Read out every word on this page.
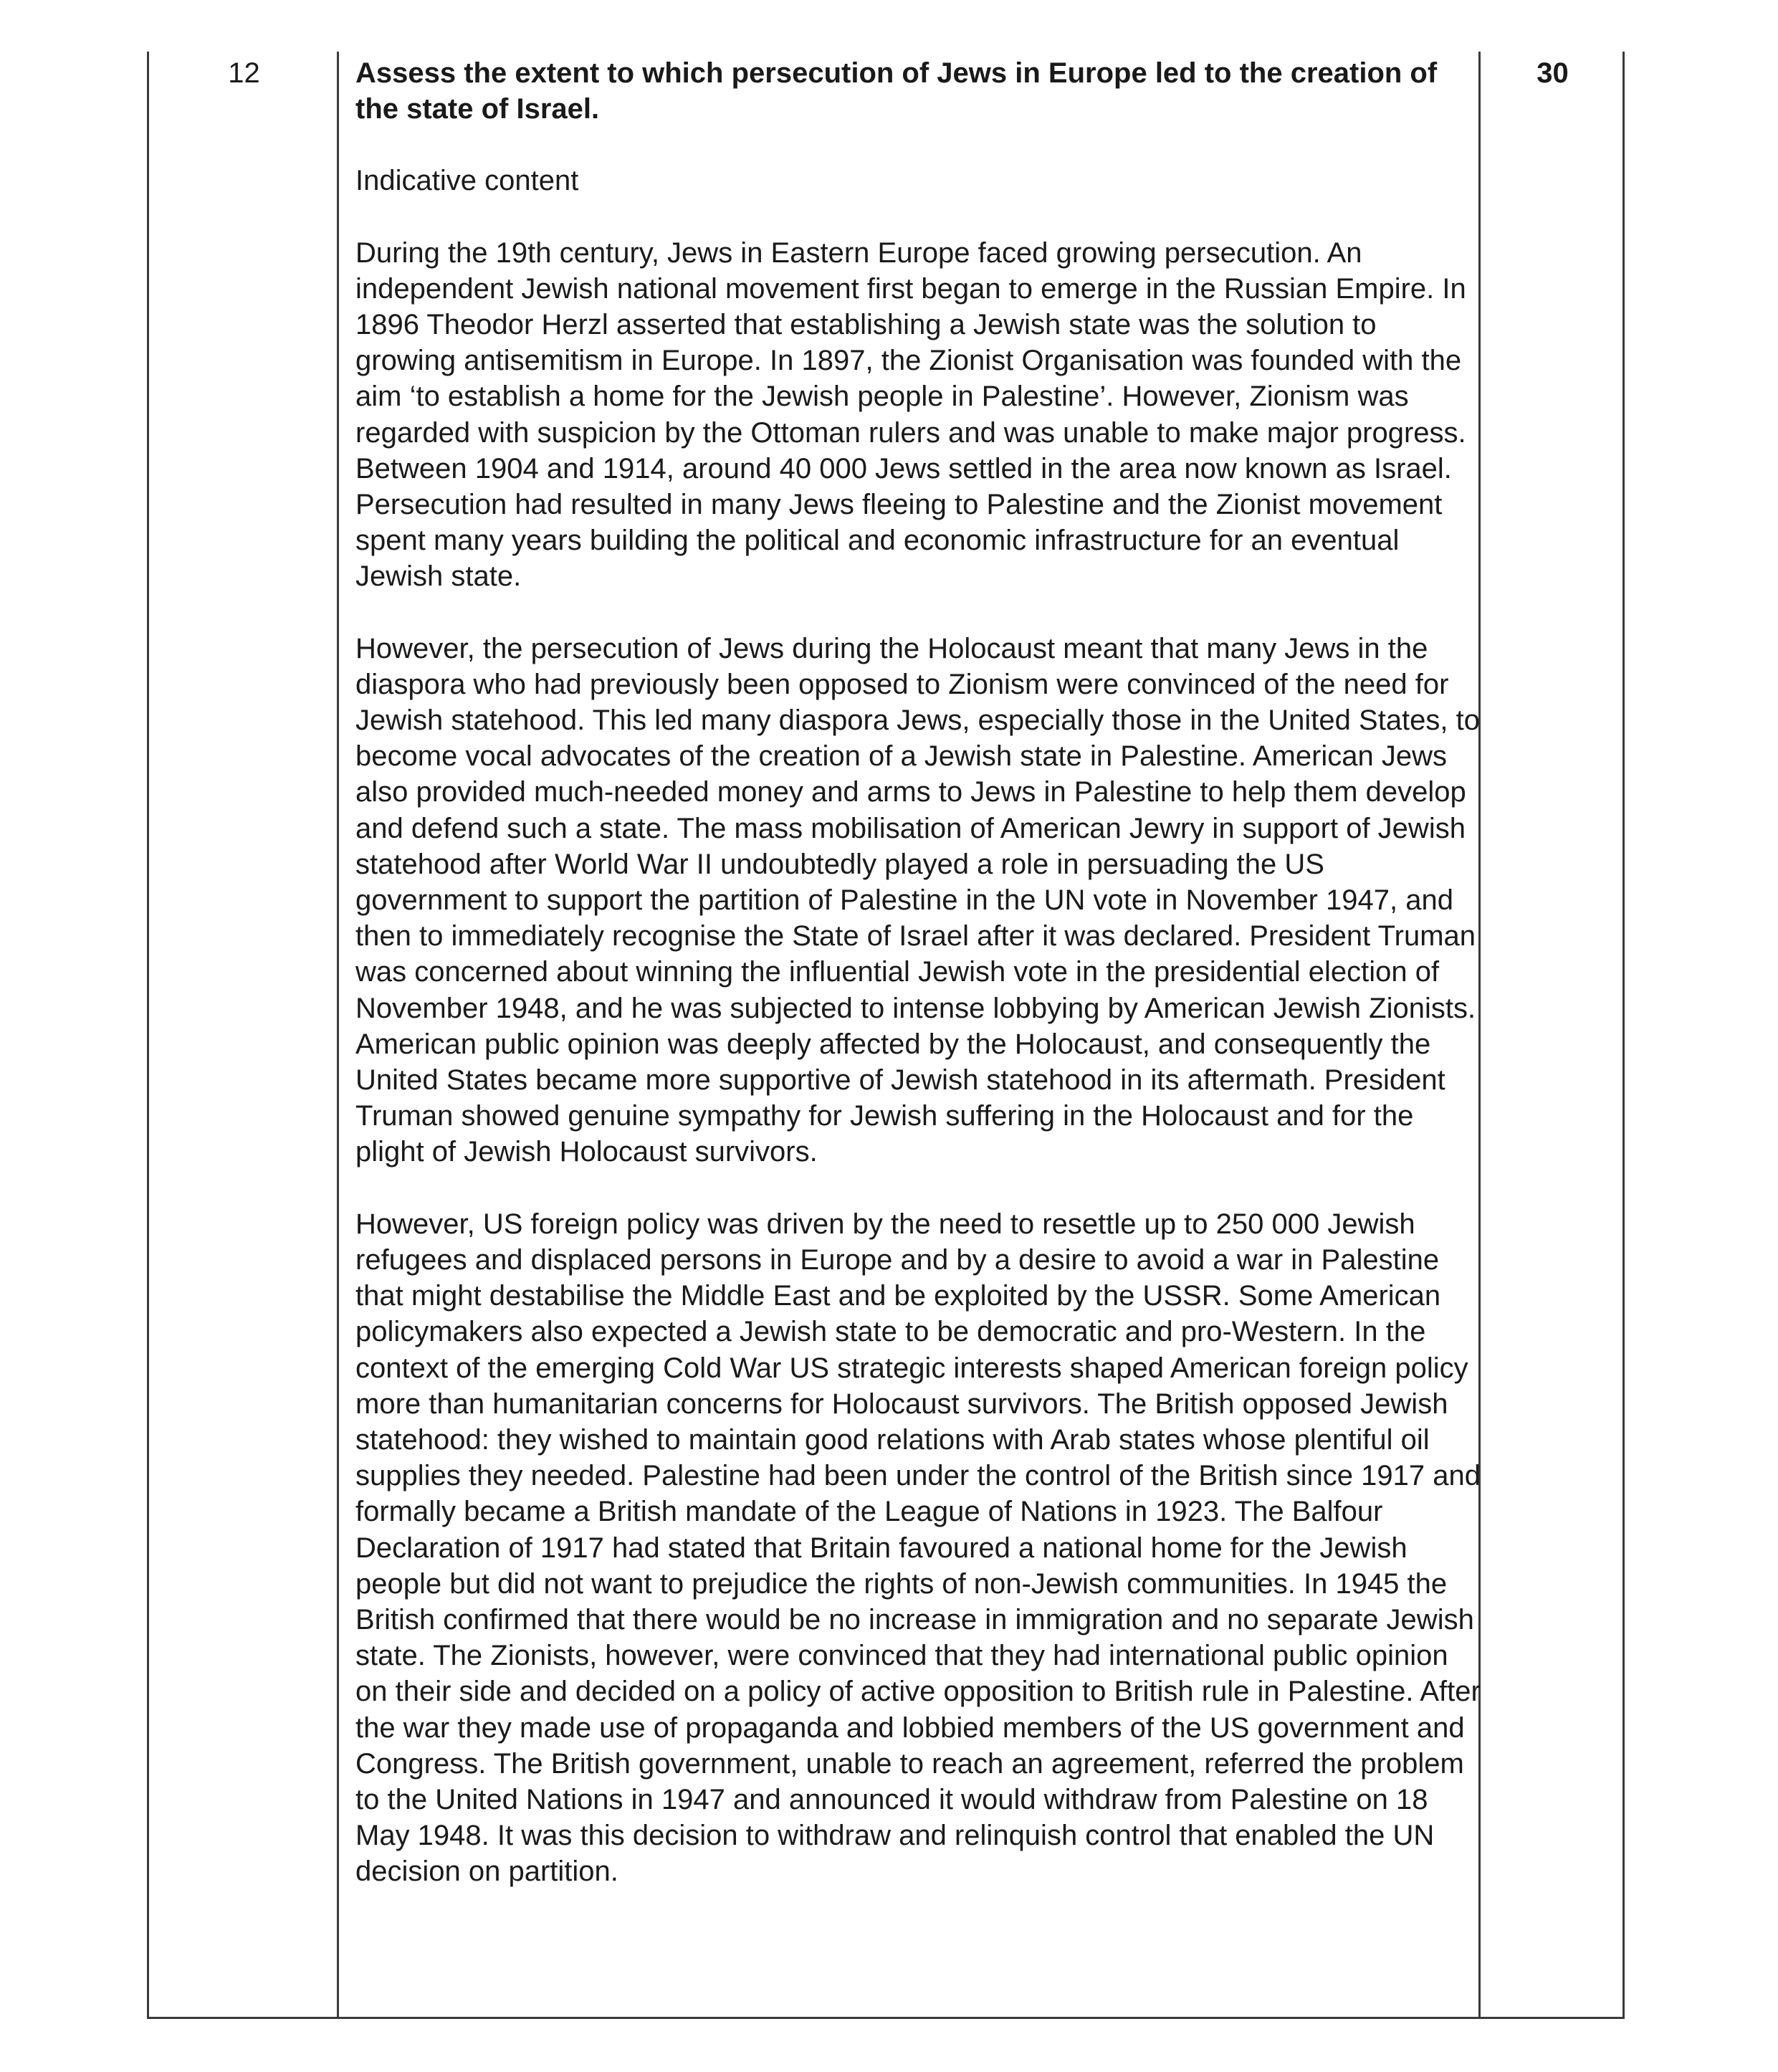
12	Assess the extent to which persecution of Jews in Europe led to the creation of the state of Israel.

Indicative content

During the 19th century, Jews in Eastern Europe faced growing persecution. An independent Jewish national movement first began to emerge in the Russian Empire. In 1896 Theodor Herzl asserted that establishing a Jewish state was the solution to growing antisemitism in Europe. In 1897, the Zionist Organisation was founded with the aim ‘to establish a home for the Jewish people in Palestine’. However, Zionism was regarded with suspicion by the Ottoman rulers and was unable to make major progress. Between 1904 and 1914, around 40 000 Jews settled in the area now known as Israel. Persecution had resulted in many Jews fleeing to Palestine and the Zionist movement spent many years building the political and economic infrastructure for an eventual Jewish state.

However, the persecution of Jews during the Holocaust meant that many Jews in the diaspora who had previously been opposed to Zionism were convinced of the need for Jewish statehood. This led many diaspora Jews, especially those in the United States, to become vocal advocates of the creation of a Jewish state in Palestine. American Jews also provided much-needed money and arms to Jews in Palestine to help them develop and defend such a state. The mass mobilisation of American Jewry in support of Jewish statehood after World War II undoubtedly played a role in persuading the US government to support the partition of Palestine in the UN vote in November 1947, and then to immediately recognise the State of Israel after it was declared. President Truman was concerned about winning the influential Jewish vote in the presidential election of November 1948, and he was subjected to intense lobbying by American Jewish Zionists. American public opinion was deeply affected by the Holocaust, and consequently the United States became more supportive of Jewish statehood in its aftermath. President Truman showed genuine sympathy for Jewish suffering in the Holocaust and for the plight of Jewish Holocaust survivors.

However, US foreign policy was driven by the need to resettle up to 250 000 Jewish refugees and displaced persons in Europe and by a desire to avoid a war in Palestine that might destabilise the Middle East and be exploited by the USSR. Some American policymakers also expected a Jewish state to be democratic and pro-Western. In the context of the emerging Cold War US strategic interests shaped American foreign policy more than humanitarian concerns for Holocaust survivors. The British opposed Jewish statehood: they wished to maintain good relations with Arab states whose plentiful oil supplies they needed. Palestine had been under the control of the British since 1917 and formally became a British mandate of the League of Nations in 1923. The Balfour Declaration of 1917 had stated that Britain favoured a national home for the Jewish people but did not want to prejudice the rights of non-Jewish communities. In 1945 the British confirmed that there would be no increase in immigration and no separate Jewish state. The Zionists, however, were convinced that they had international public opinion on their side and decided on a policy of active opposition to British rule in Palestine. After the war they made use of propaganda and lobbied members of the US government and Congress. The British government, unable to reach an agreement, referred the problem to the United Nations in 1947 and announced it would withdraw from Palestine on 18 May 1948. It was this decision to withdraw and relinquish control that enabled the UN decision on partition.

30
